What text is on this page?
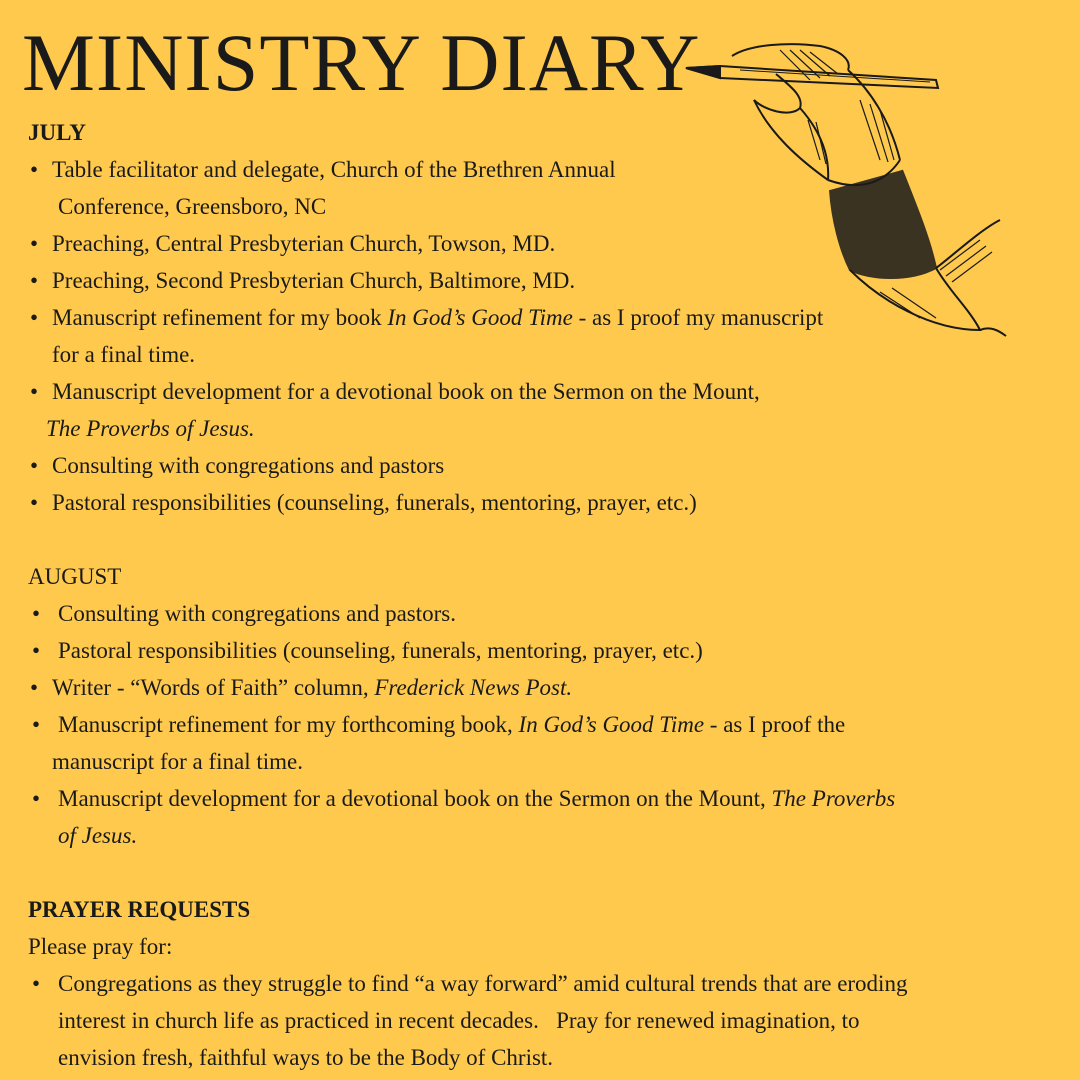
MINISTRY DIARY
JULY
• Table facilitator and delegate, Church of the Brethren Annual

Conference, Greensboro, NC
• Preaching, Central Presbyterian Church, Towson, MD.
• Preaching, Second Presbyterian Church, Baltimore, MD.
• Manuscript refinement for my book In God’s Good Time - as I proof my manuscript
for a final time.
• Manuscript development for a devotional book on the Sermon on the Mount,
The Proverbs of Jesus.
• Consulting with congregations and pastors
• Pastoral responsibilities (counseling, funerals, mentoring, prayer, etc.)
AUGUST
• Consulting with congregations and pastors.
• Pastoral responsibilities (counseling, funerals, mentoring, prayer, etc.)
• Writer - “Words of Faith” column, Frederick News Post.
• Manuscript refinement for my forthcoming book, In God’s Good Time - as I proof the
manuscript for a final time.
• Manuscript development for a devotional book on the Sermon on the Mount, The Proverbs
of Jesus.
PRAYER REQUESTS
Please pray for:
• Congregations as they struggle to find “a way forward” amid cultural trends that are eroding
interest in church life as practiced in recent decades.   Pray for renewed imagination, to
envision fresh, faithful ways to be the Body of Christ.
